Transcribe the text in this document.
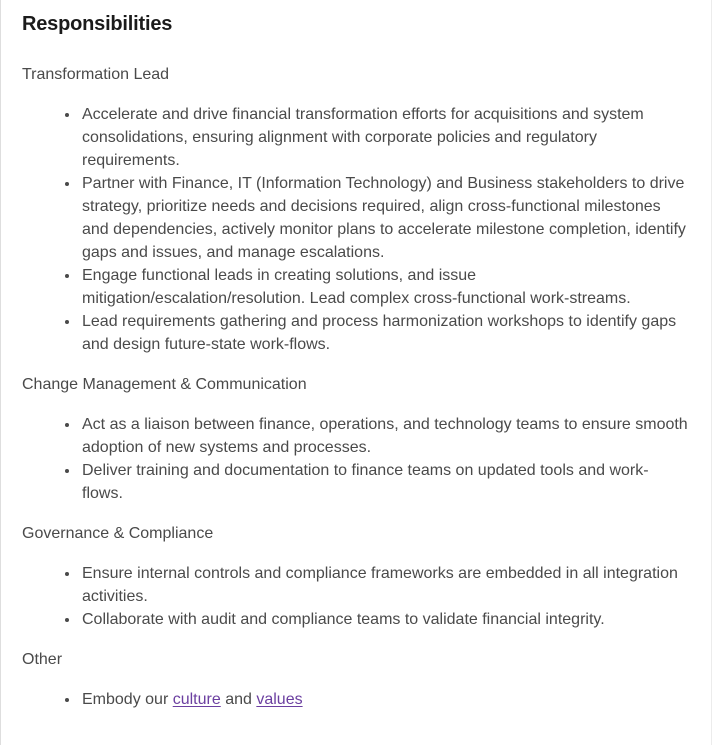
Responsibilities

Transformation Lead

• Accelerate and drive financial transformation efforts for acquisitions and system consolidations, ensuring alignment with corporate policies and regulatory requirements.
• Partner with Finance, IT (Information Technology) and Business stakeholders to drive strategy, prioritize needs and decisions required, align cross-functional milestones and dependencies, actively monitor plans to accelerate milestone completion, identify gaps and issues, and manage escalations.
• Engage functional leads in creating solutions, and issue mitigation/escalation/resolution. Lead complex cross-functional work-streams.
• Lead requirements gathering and process harmonization workshops to identify gaps and design future-state work-flows.

Change Management & Communication

• Act as a liaison between finance, operations, and technology teams to ensure smooth adoption of new systems and processes.
• Deliver training and documentation to finance teams on updated tools and work-flows.

Governance & Compliance

• Ensure internal controls and compliance frameworks are embedded in all integration activities.
• Collaborate with audit and compliance teams to validate financial integrity.

Other

• Embody our culture and values
